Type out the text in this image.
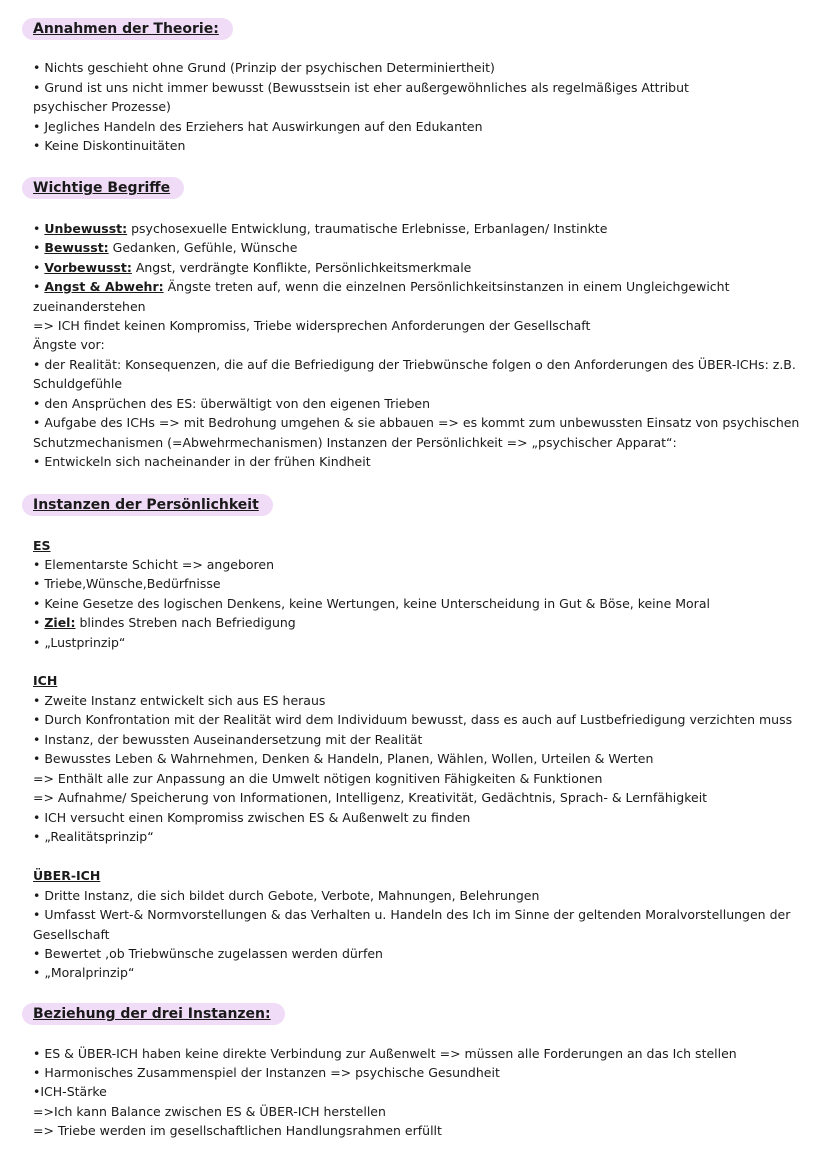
Annahmen der Theorie:
• Nichts geschieht ohne Grund (Prinzip der psychischen Determiniertheit)
• Grund ist uns nicht immer bewusst (Bewusstsein ist eher außergewöhnliches als regelmäßiges Attribut
psychischer Prozesse)
• Jegliches Handeln des Erziehers hat Auswirkungen auf den Edukanten
• Keine Diskontinuitäten
Wichtige Begriffe
• Unbewusst: psychosexuelle Entwicklung, traumatische Erlebnisse, Erbanlagen/ Instinkte
• Bewusst: Gedanken, Gefühle, Wünsche
• Vorbewusst: Angst, verdrängte Konflikte, Persönlichkeitsmerkmale
• Angst & Abwehr: Ängste treten auf, wenn die einzelnen Persönlichkeitsinstanzen in einem Ungleichgewicht
zueinanderstehen
=> ICH findet keinen Kompromiss, Triebe widersprechen Anforderungen der Gesellschaft
Ängste vor:
• der Realität: Konsequenzen, die auf die Befriedigung der Triebwünsche folgen o den Anforderungen des ÜBER-ICHs: z.B.
Schuldgefühle
• den Ansprüchen des ES: überwältigt von den eigenen Trieben
• Aufgabe des ICHs => mit Bedrohung umgehen & sie abbauen => es kommt zum unbewussten Einsatz von psychischen
Schutzmechanismen (=Abwehrmechanismen) Instanzen der Persönlichkeit => „psychischer Apparat“:
• Entwickeln sich nacheinander in der frühen Kindheit
Instanzen der Persönlichkeit
ES
• Elementarste Schicht => angeboren
• Triebe,Wünsche,Bedürfnisse
• Keine Gesetze des logischen Denkens, keine Wertungen, keine Unterscheidung in Gut & Böse, keine Moral
• Ziel: blindes Streben nach Befriedigung
• „Lustprinzip“
ICH
• Zweite Instanz entwickelt sich aus ES heraus
• Durch Konfrontation mit der Realität wird dem Individuum bewusst, dass es auch auf Lustbefriedigung verzichten muss
• Instanz, der bewussten Auseinandersetzung mit der Realität
• Bewusstes Leben & Wahrnehmen, Denken & Handeln, Planen, Wählen, Wollen, Urteilen & Werten
=> Enthält alle zur Anpassung an die Umwelt nötigen kognitiven Fähigkeiten & Funktionen
=> Aufnahme/ Speicherung von Informationen, Intelligenz, Kreativität, Gedächtnis, Sprach- & Lernfähigkeit
• ICH versucht einen Kompromiss zwischen ES & Außenwelt zu finden
• „Realitätsprinzip“
ÜBER-ICH
• Dritte Instanz, die sich bildet durch Gebote, Verbote, Mahnungen, Belehrungen
• Umfasst Wert-& Normvorstellungen & das Verhalten u. Handeln des Ich im Sinne der geltenden Moralvorstellungen der
Gesellschaft
• Bewertet ,ob Triebwünsche zugelassen werden dürfen
• „Moralprinzip“
Beziehung der drei Instanzen:
• ES & ÜBER-ICH haben keine direkte Verbindung zur Außenwelt => müssen alle Forderungen an das Ich stellen
• Harmonisches Zusammenspiel der Instanzen => psychische Gesundheit
•ICH-Stärke
=>Ich kann Balance zwischen ES & ÜBER-ICH herstellen
=> Triebe werden im gesellschaftlichen Handlungsrahmen erfüllt
